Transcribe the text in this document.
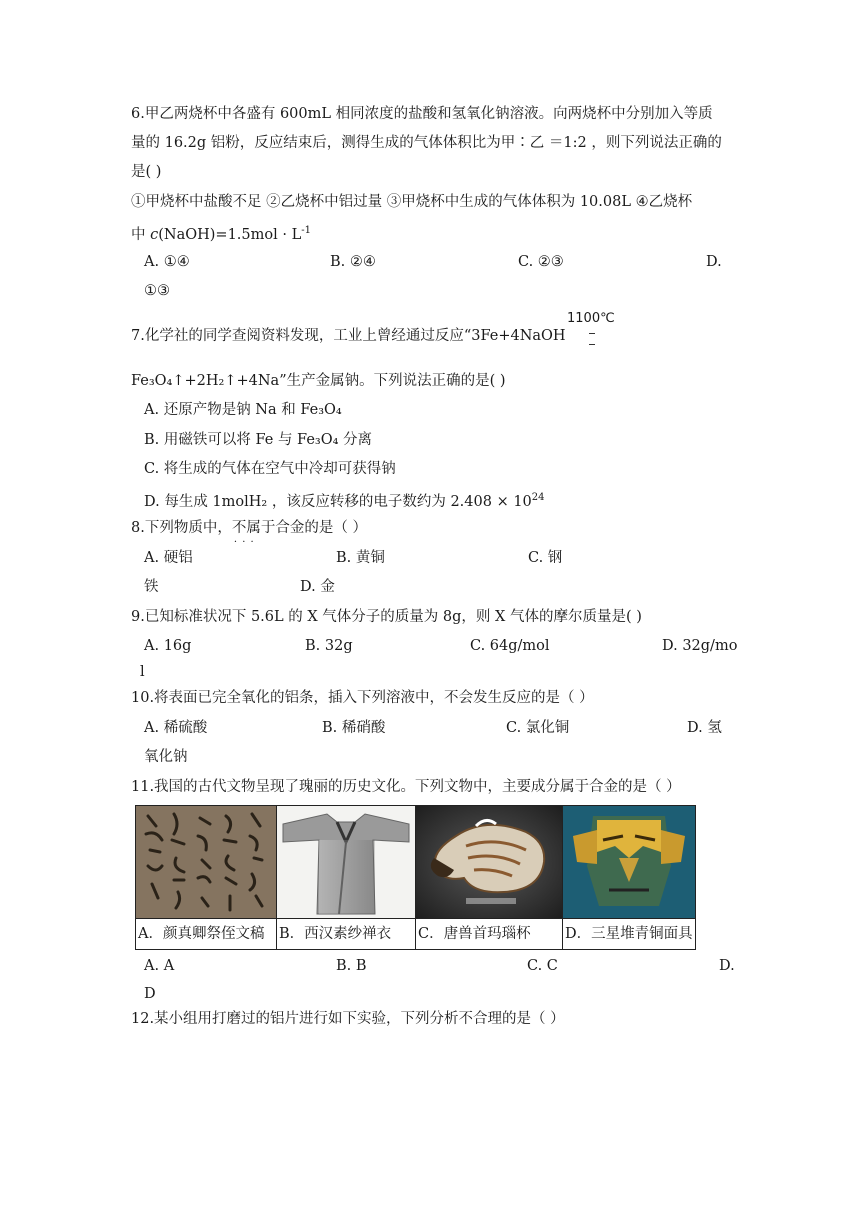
6.甲乙两烧杯中各盛有 600mL 相同浓度的盐酸和氢氧化钠溶液。向两烧杯中分别加入等质
量的 16.2g 铝粉，反应结束后，测得生成的气体体积比为甲∶乙 ＝1:2 ，则下列说法正确的
是( )
①甲烧杯中盐酸不足 ②乙烧杯中铝过量 ③甲烧杯中生成的气体体积为 10.08L ④乙烧杯
中 c(NaOH)=1.5mol · $L^{-1}$
A. ①④	B. ②④	C. ②③	D.
①③
1100℃
7.化学社的同学查阅资料发现，工业上曾经通过反应“3Fe+4NaOH
Fe₃O₄↑+2H₂↑+4Na”生产金属钠。下列说法正确的是( )
A. 还原产物是钠 Na 和 Fe₃O₄
B. 用磁铁可以将 Fe 与 Fe₃O₄ 分离
C. 将生成的气体在空气中冷却可获得钠
D. 每生成 1molH₂ ，该反应转移的电子数约为 $2.408 \times 10^{24}$
8.下列物质中，不属于 · · ·合金的是（ ）
A. 硬铝	B. 黄铜	C. 钢
铁	D. 金
9.已知标准状况下 5.6L 的 X 气体分子的质量为 8g，则 X 气体的摩尔质量是( )
A. 16g	B. 32g	C. 64g/mol	D. 32g/mo
l
10.将表面已完全氧化的铝条，插入下列溶液中，不会发生反应的是（ ）
A. 稀硫酸	B. 稀硝酸	C. 氯化铜	D. 氢
氧化钠
11.我国的古代文物呈现了瑰丽的历史文化。下列文物中，主要成分属于合金的是（ ）

A．颜真卿祭侄文稿	B．西汉素纱禅衣	C．唐兽首玛瑙杯	D．三星堆青铜面具
A. A	B. B	C. C	D.
D
12.某小组用打磨过的铝片进行如下实验，下列分析不合理的是（ ）
